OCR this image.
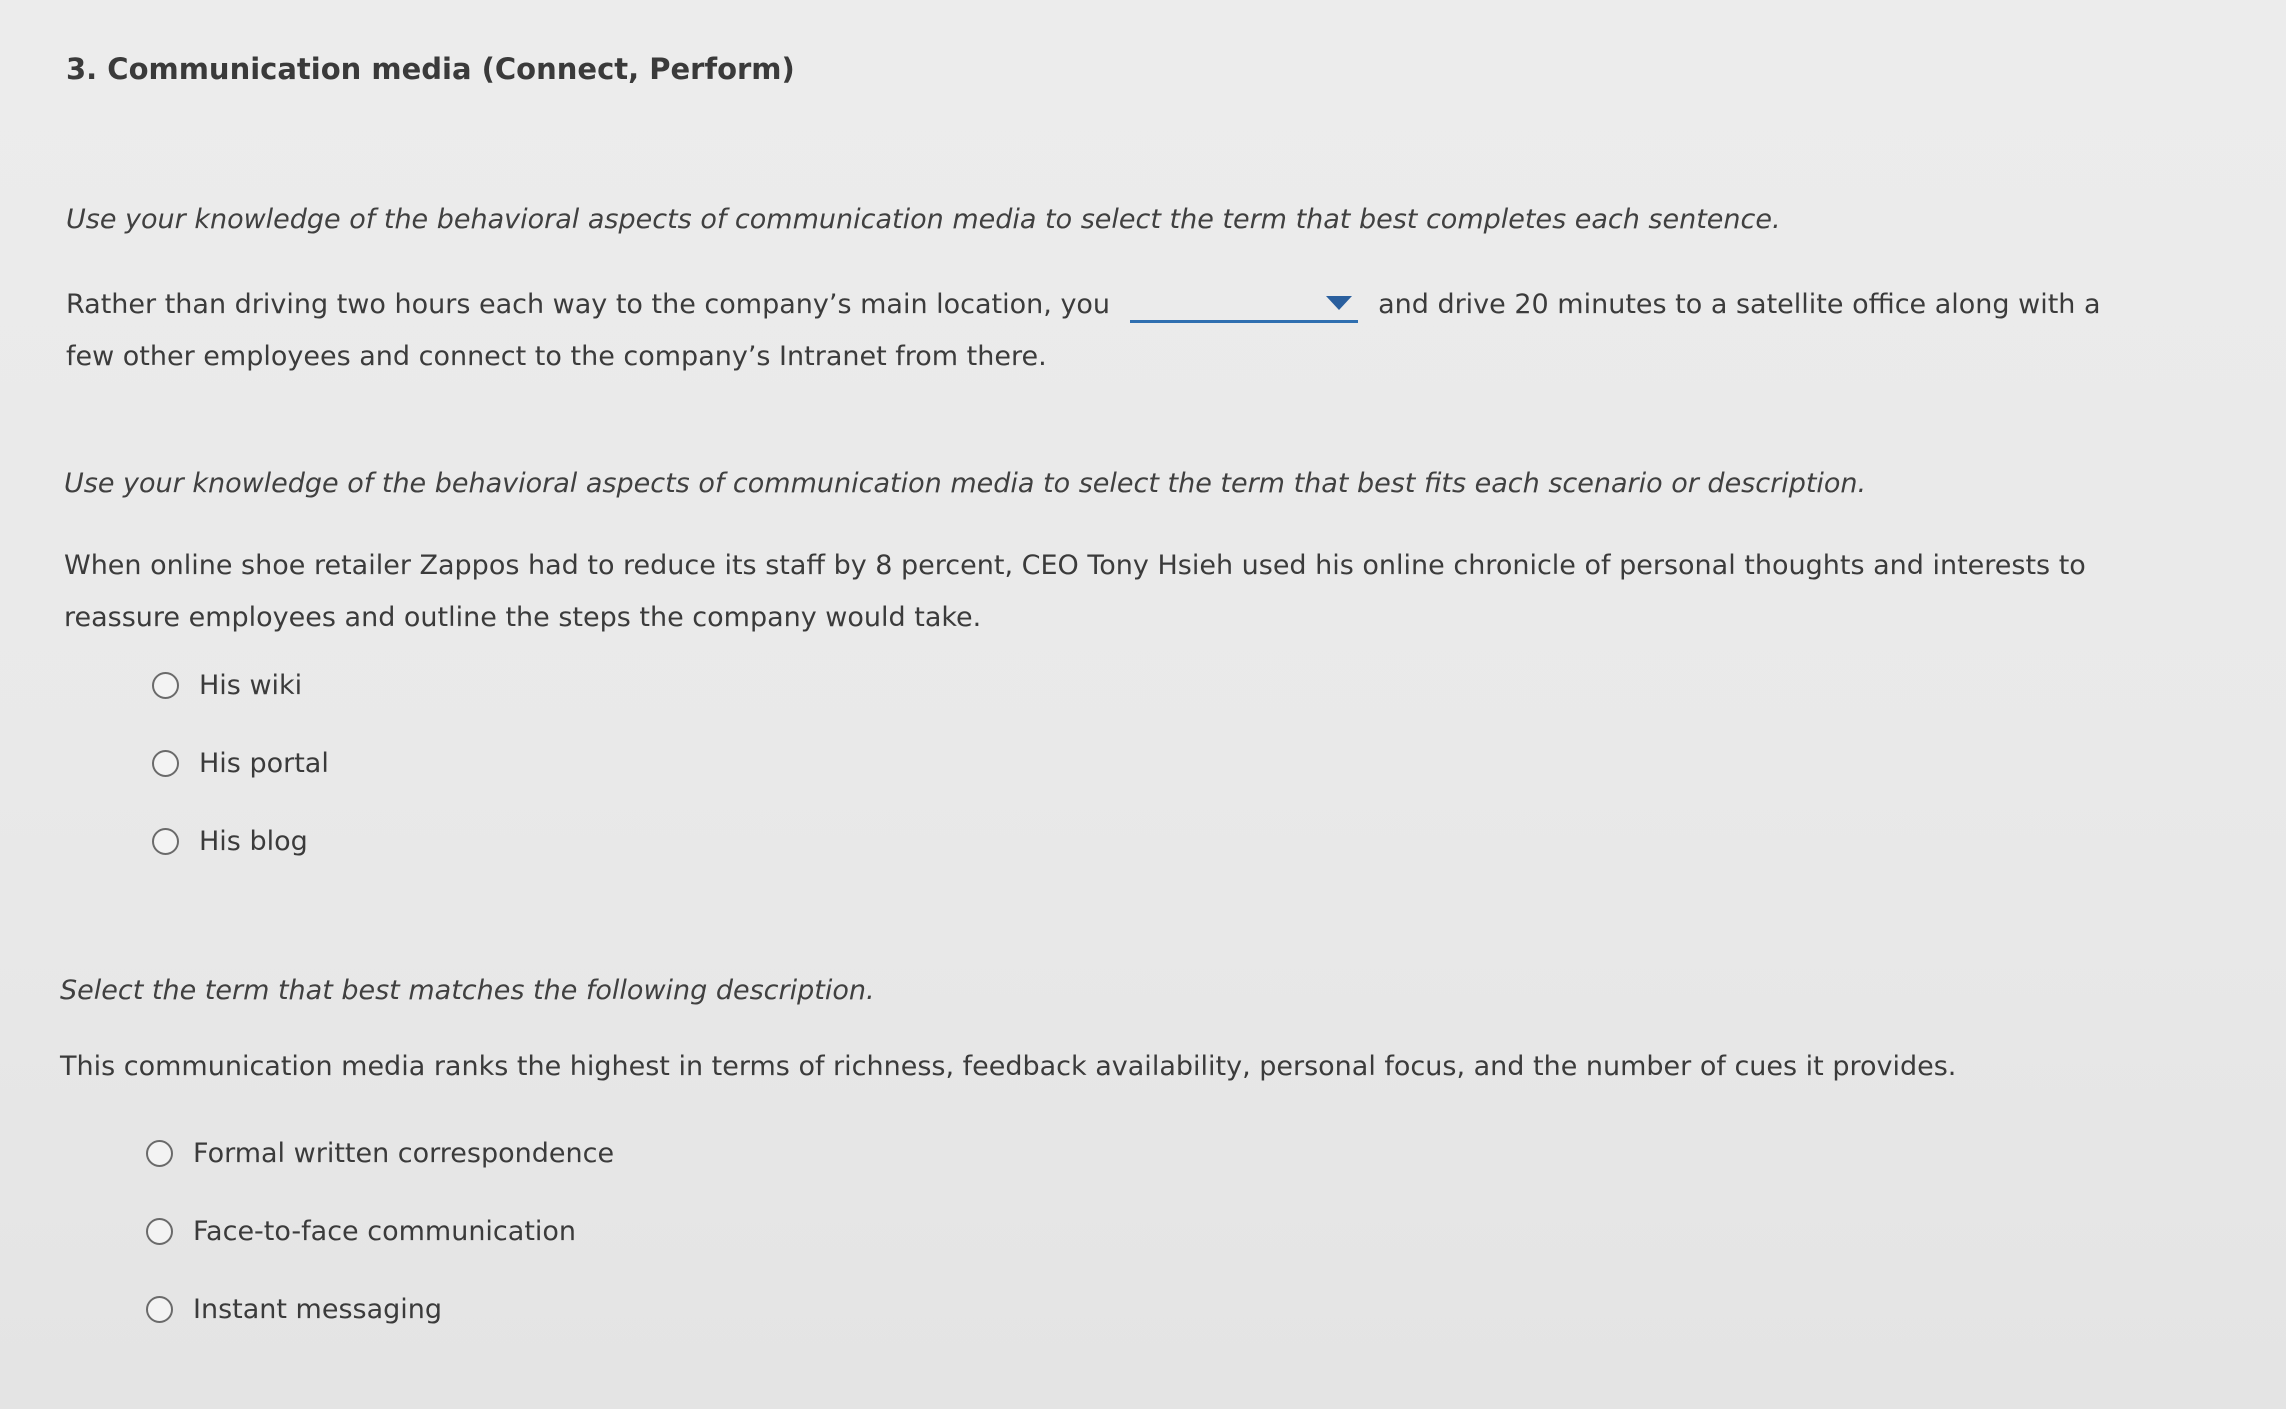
3. Communication media (Connect, Perform)
Use your knowledge of the behavioral aspects of communication media to select the term that best completes each sentence.
Rather than driving two hours each way to the company’s main location, you	and drive 20 minutes to a satellite office along with a
few other employees and connect to the company’s Intranet from there.
Use your knowledge of the behavioral aspects of communication media to select the term that best fits each scenario or description.
When online shoe retailer Zappos had to reduce its staff by 8 percent, CEO Tony Hsieh used his online chronicle of personal thoughts and interests to
reassure employees and outline the steps the company would take.
His wiki
His portal
His blog
Select the term that best matches the following description.
This communication media ranks the highest in terms of richness, feedback availability, personal focus, and the number of cues it provides.
Formal written correspondence
Face-to-face communication
Instant messaging
